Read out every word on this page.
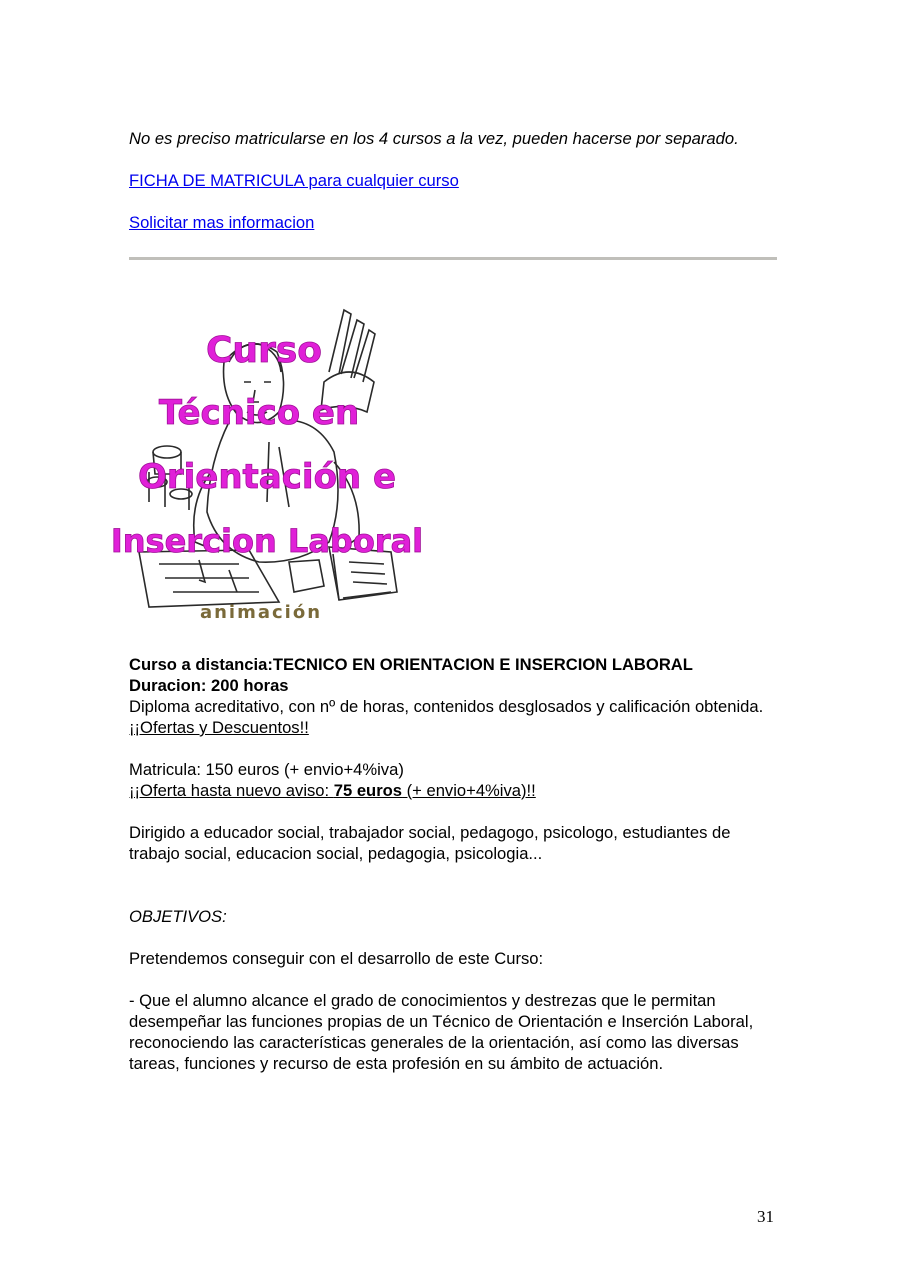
No es preciso matricularse en los 4 cursos a la vez, pueden hacerse por separado.

FICHA DE MATRICULA para cualquier curso
Solicitar mas informacion
Curso
Técnico en
Orientación e
Insercion Laboral
animación
Curso a distancia:TECNICO EN ORIENTACION E INSERCION LABORAL
Duracion: 200 horas
Diploma acreditativo, con nº de horas, contenidos desglosados y calificación obtenida.
¡¡Ofertas y Descuentos!!
Matricula: 150 euros (+ envio+4%iva)
¡¡Oferta hasta nuevo aviso: 75 euros (+ envio+4%iva)!!
Dirigido a educador social, trabajador social, pedagogo, psicologo, estudiantes de trabajo social, educacion social, pedagogia, psicologia...
OBJETIVOS:
Pretendemos conseguir con el desarrollo de este Curso:
- Que el alumno alcance el grado de conocimientos y destrezas que le permitan desempeñar las funciones propias de un Técnico de Orientación e Inserción Laboral, reconociendo las características generales de la orientación, así como las diversas tareas, funciones y recurso de esta profesión en su ámbito de actuación.
31
